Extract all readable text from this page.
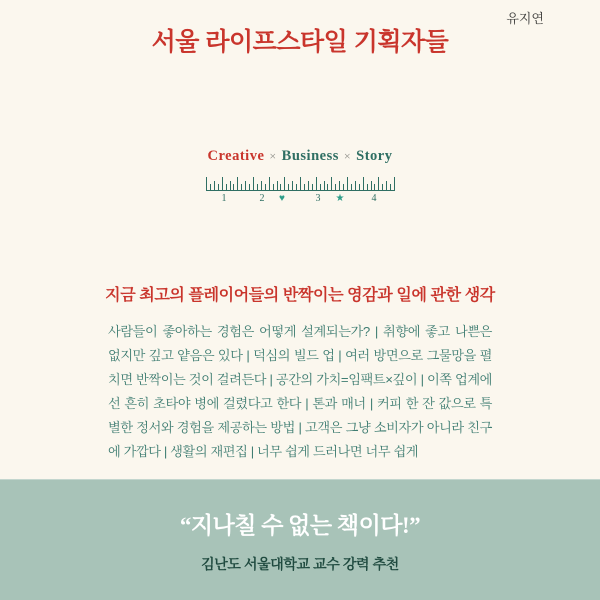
서울 라이프스타일 기획자들
유지연
Creative × Business × Story
1	2 ♥	3 ★	4
지금 최고의 플레이어들의 반짝이는 영감과 일에 관한 생각
사람들이 좋아하는 경험은 어떻게 설계되는가? | 취향에 좋고 나쁜은 없지만 깊고 얕음은 있다 | 덕심의 빌드 업 | 여러 방면으로 그물망을 펼치면 반짝이는 것이 걸려든다 | 공간의 가치=임팩트×깊이 | 이쪽 업계에선 흔히 초타야 병에 걸렸다고 한다 | 톤과 매너 | 커피 한 잔 값으로 특별한 정서와 경험을 제공하는 방법 | 고객은 그냥 소비자가 아니라 친구에 가깝다 | 생활의 재편집 | 너무 쉽게 드러나면 너무 쉽게
“지나칠 수 없는 책이다!”
김난도 서울대학교 교수 강력 추천
